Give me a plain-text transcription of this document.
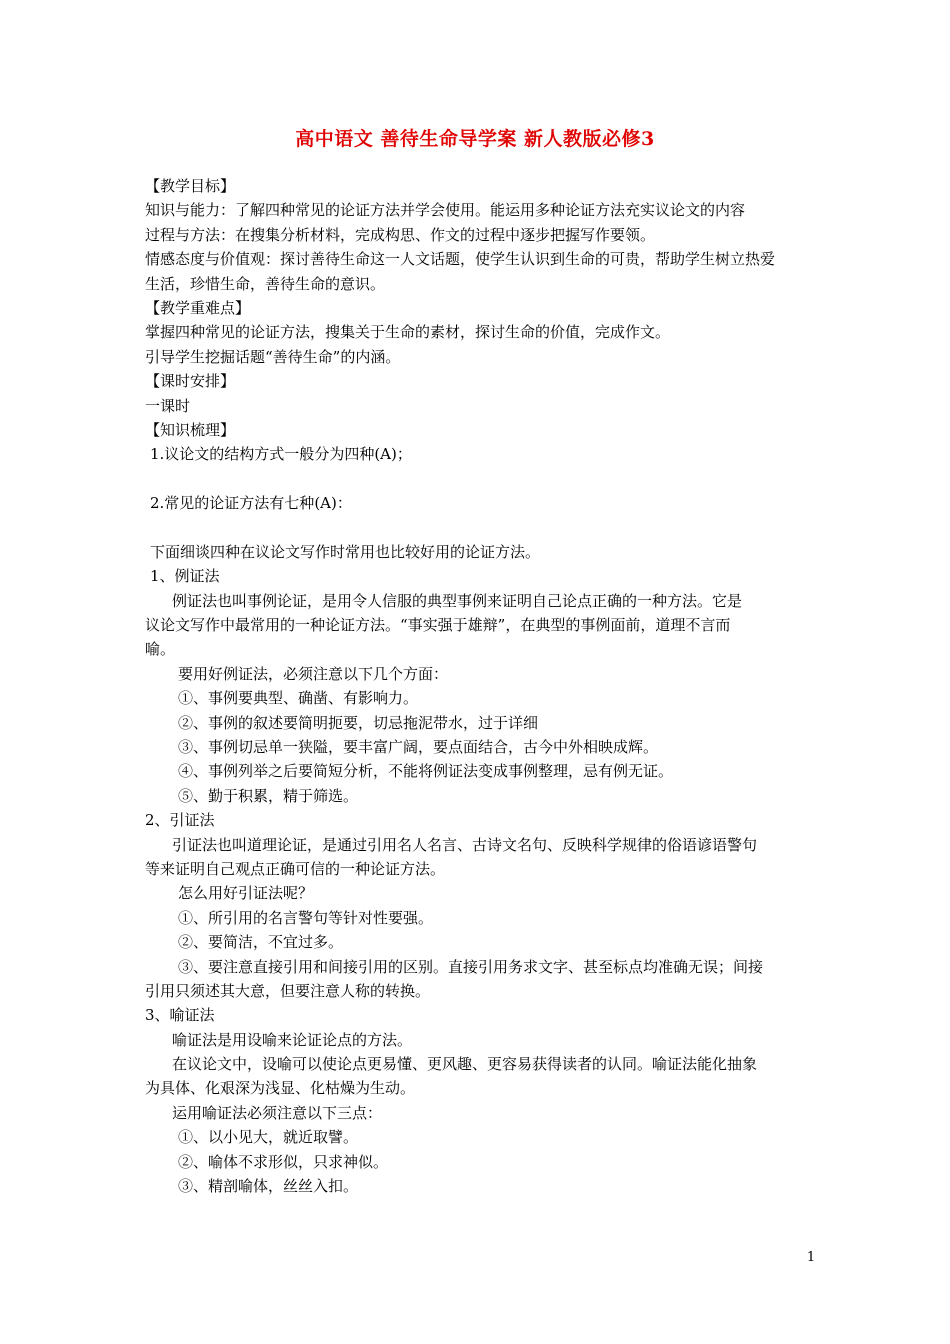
高中语文 善待生命导学案 新人教版必修3
【教学目标】
知识与能力：了解四种常见的论证方法并学会使用。能运用多种论证方法充实议论文的内容
过程与方法：在搜集分析材料，完成构思、作文的过程中逐步把握写作要领。
情感态度与价值观：探讨善待生命这一人文话题，使学生认识到生命的可贵，帮助学生树立热爱
生活，珍惜生命，善待生命的意识。
【教学重难点】
掌握四种常见的论证方法，搜集关于生命的素材，探讨生命的价值，完成作文。
引导学生挖掘话题“善待生命”的内涵。
【课时安排】
一课时
【知识梳理】
1.议论文的结构方式一般分为四种(A)；
2.常见的论证方法有七种(A)：
下面细谈四种在议论文写作时常用也比较好用的论证方法。
1、例证法
例证法也叫事例论证，是用令人信服的典型事例来证明自己论点正确的一种方法。它是
议论文写作中最常用的一种论证方法。“事实强于雄辩”，在典型的事例面前，道理不言而
喻。
要用好例证法，必须注意以下几个方面：
①、事例要典型、确凿、有影响力。
②、事例的叙述要简明扼要，切忌拖泥带水，过于详细
③、事例切忌单一狭隘，要丰富广阔，要点面结合，古今中外相映成辉。
④、事例列举之后要简短分析，不能将例证法变成事例整理，忌有例无证。
⑤、勤于积累，精于筛选。
2、引证法
引证法也叫道理论证，是通过引用名人名言、古诗文名句、反映科学规律的俗语谚语警句
等来证明自己观点正确可信的一种论证方法。
怎么用好引证法呢？
①、所引用的名言警句等针对性要强。
②、要简洁，不宜过多。
③、要注意直接引用和间接引用的区别。直接引用务求文字、甚至标点均准确无误；间接
引用只须述其大意，但要注意人称的转换。
3、喻证法
喻证法是用设喻来论证论点的方法。
在议论文中，设喻可以使论点更易懂、更风趣、更容易获得读者的认同。喻证法能化抽象
为具体、化艰深为浅显、化枯燥为生动。
运用喻证法必须注意以下三点：
①、以小见大，就近取譬。
②、喻体不求形似，只求神似。
③、精剖喻体，丝丝入扣。
1
